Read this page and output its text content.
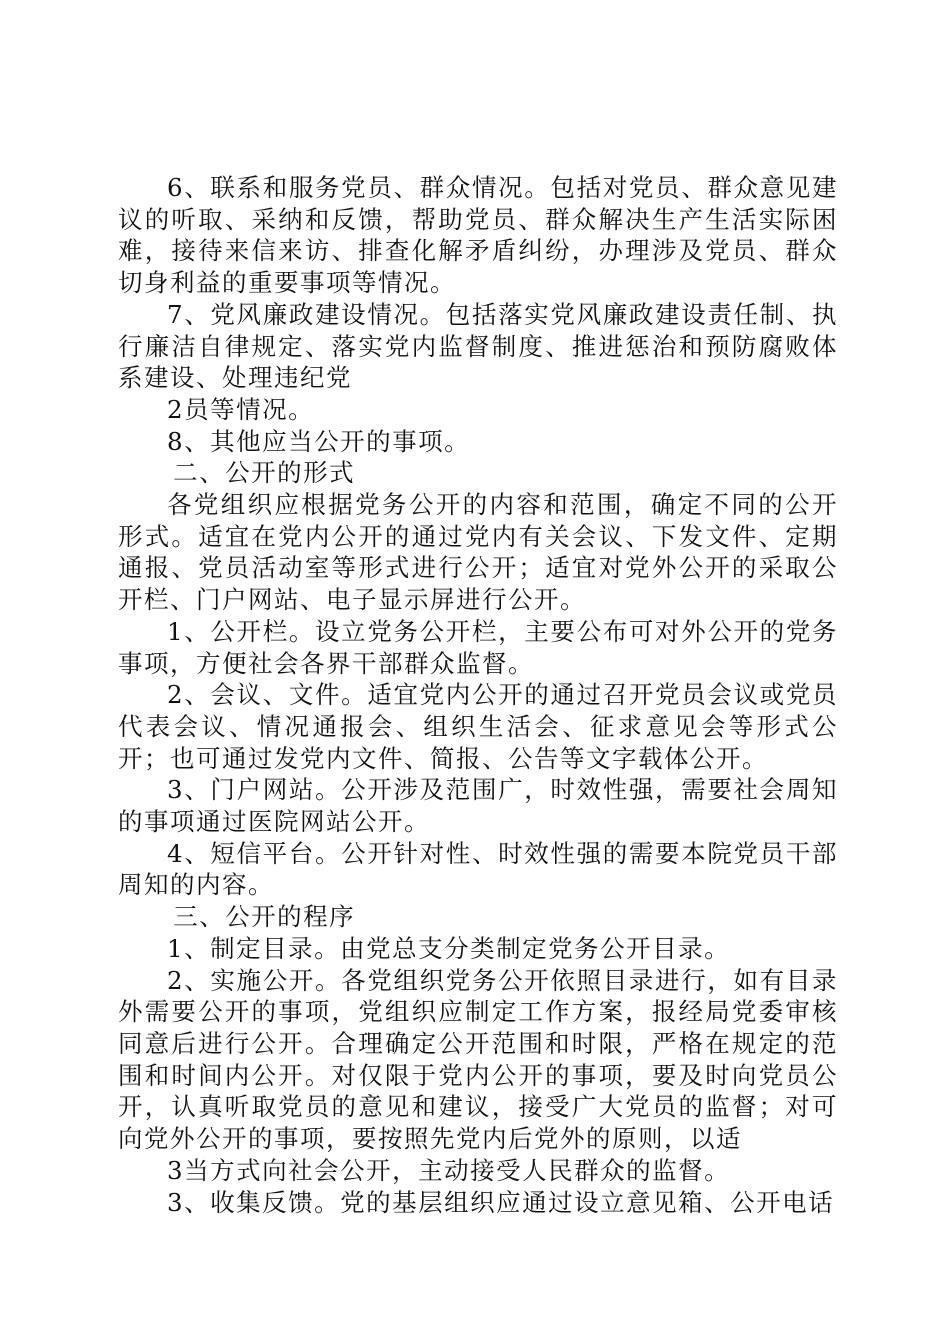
6、联系和服务党员、群众情况。包括对党员、群众意见建议的听取、采纳和反馈，帮助党员、群众解决生产生活实际困难，接待来信来访、排查化解矛盾纠纷，办理涉及党员、群众切身利益的重要事项等情况。

7、党风廉政建设情况。包括落实党风廉政建设责任制、执行廉洁自律规定、落实党内监督制度、推进惩治和预防腐败体系建设、处理违纪党

2员等情况。

8、其他应当公开的事项。

二、公开的形式

各党组织应根据党务公开的内容和范围，确定不同的公开形式。适宜在党内公开的通过党内有关会议、下发文件、定期通报、党员活动室等形式进行公开；适宜对党外公开的采取公开栏、门户网站、电子显示屏进行公开。

1、公开栏。设立党务公开栏，主要公布可对外公开的党务事项，方便社会各界干部群众监督。

2、会议、文件。适宜党内公开的通过召开党员会议或党员代表会议、情况通报会、组织生活会、征求意见会等形式公开；也可通过发党内文件、简报、公告等文字载体公开。

3、门户网站。公开涉及范围广，时效性强，需要社会周知的事项通过医院网站公开。

4、短信平台。公开针对性、时效性强的需要本院党员干部周知的内容。

三、公开的程序

1、制定目录。由党总支分类制定党务公开目录。

2、实施公开。各党组织党务公开依照目录进行，如有目录外需要公开的事项，党组织应制定工作方案，报经局党委审核同意后进行公开。合理确定公开范围和时限，严格在规定的范围和时间内公开。对仅限于党内公开的事项，要及时向党员公开，认真听取党员的意见和建议，接受广大党员的监督；对可向党外公开的事项，要按照先党内后党外的原则，以适

3当方式向社会公开，主动接受人民群众的监督。

3、收集反馈。党的基层组织应通过设立意见箱、公开电话
